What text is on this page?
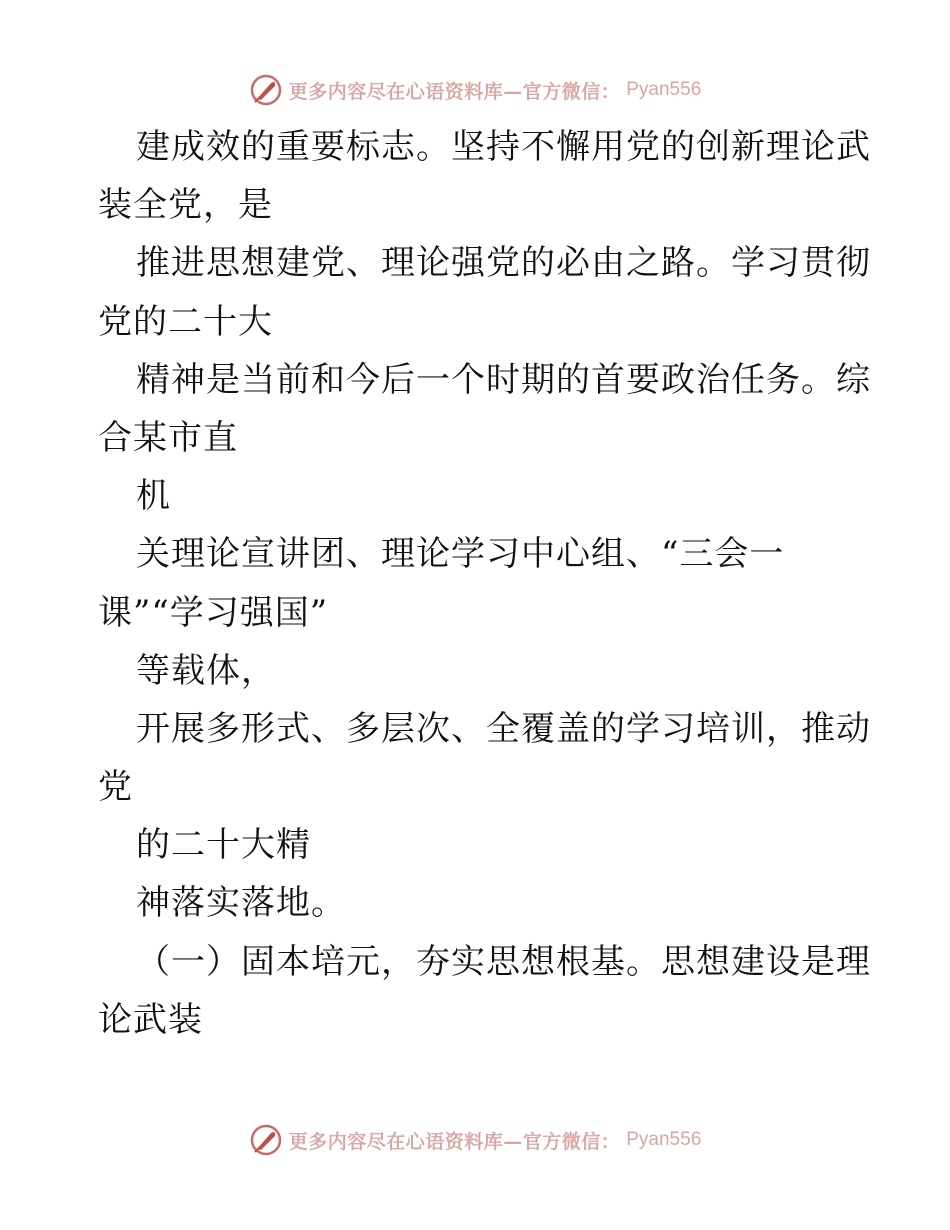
更多内容尽在心语资料库—官方微信： Pyan556
建成效的重要标志。坚持不懈用党的创新理论武
装全党，是
推进思想建党、理论强党的必由之路。学习贯彻
党的二十大
精神是当前和今后一个时期的首要政治任务。综
合某市直
机
关理论宣讲团、理论学习中心组、“三会一
课”“学习强国”
等载体，
开展多形式、多层次、全覆盖的学习培训，推动
党
的二十大精
神落实落地。
（一）固本培元，夯实思想根基。思想建设是理
论武装
更多内容尽在心语资料库—官方微信： Pyan556
